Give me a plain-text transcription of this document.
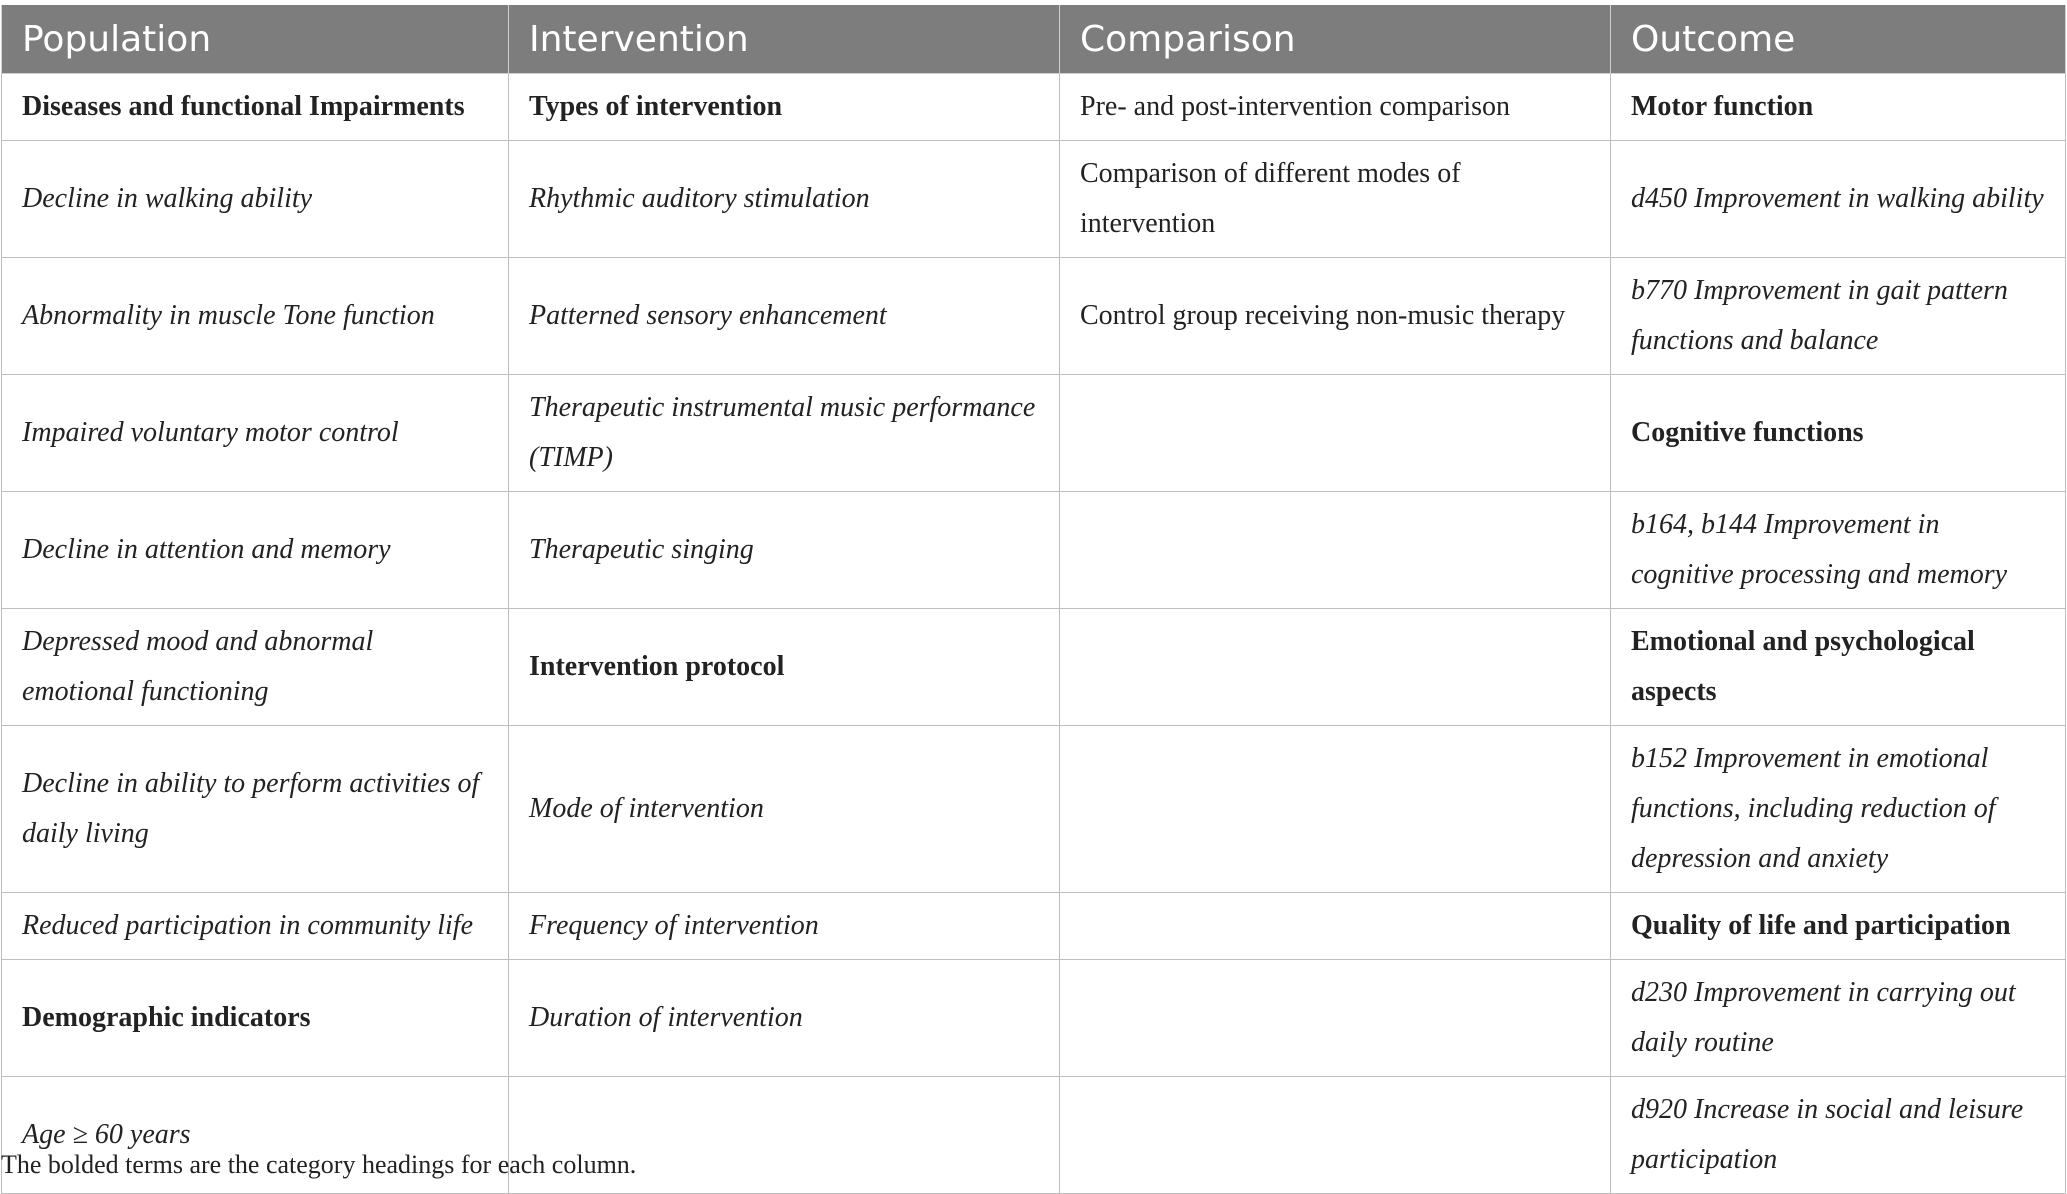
Population	Intervention	Comparison	Outcome
Diseases and functional Impairments	Types of intervention	Pre- and post-intervention comparison	Motor function
Decline in walking ability	Rhythmic auditory stimulation	Comparison of different modes of intervention	d450 Improvement in walking ability
Abnormality in muscle Tone function	Patterned sensory enhancement	Control group receiving non-music therapy	b770 Improvement in gait pattern functions and balance
Impaired voluntary motor control	Therapeutic instrumental music performance (TIMP)		Cognitive functions
Decline in attention and memory	Therapeutic singing		b164, b144 Improvement in cognitive processing and memory
Depressed mood and abnormal emotional functioning	Intervention protocol		Emotional and psychological aspects
Decline in ability to perform activities of daily living	Mode of intervention		b152 Improvement in emotional functions, including reduction of depression and anxiety
Reduced participation in community life	Frequency of intervention		Quality of life and participation
Demographic indicators	Duration of intervention		d230 Improvement in carrying out daily routine
Age ≥ 60 years			d920 Increase in social and leisure participation
The bolded terms are the category headings for each column.
